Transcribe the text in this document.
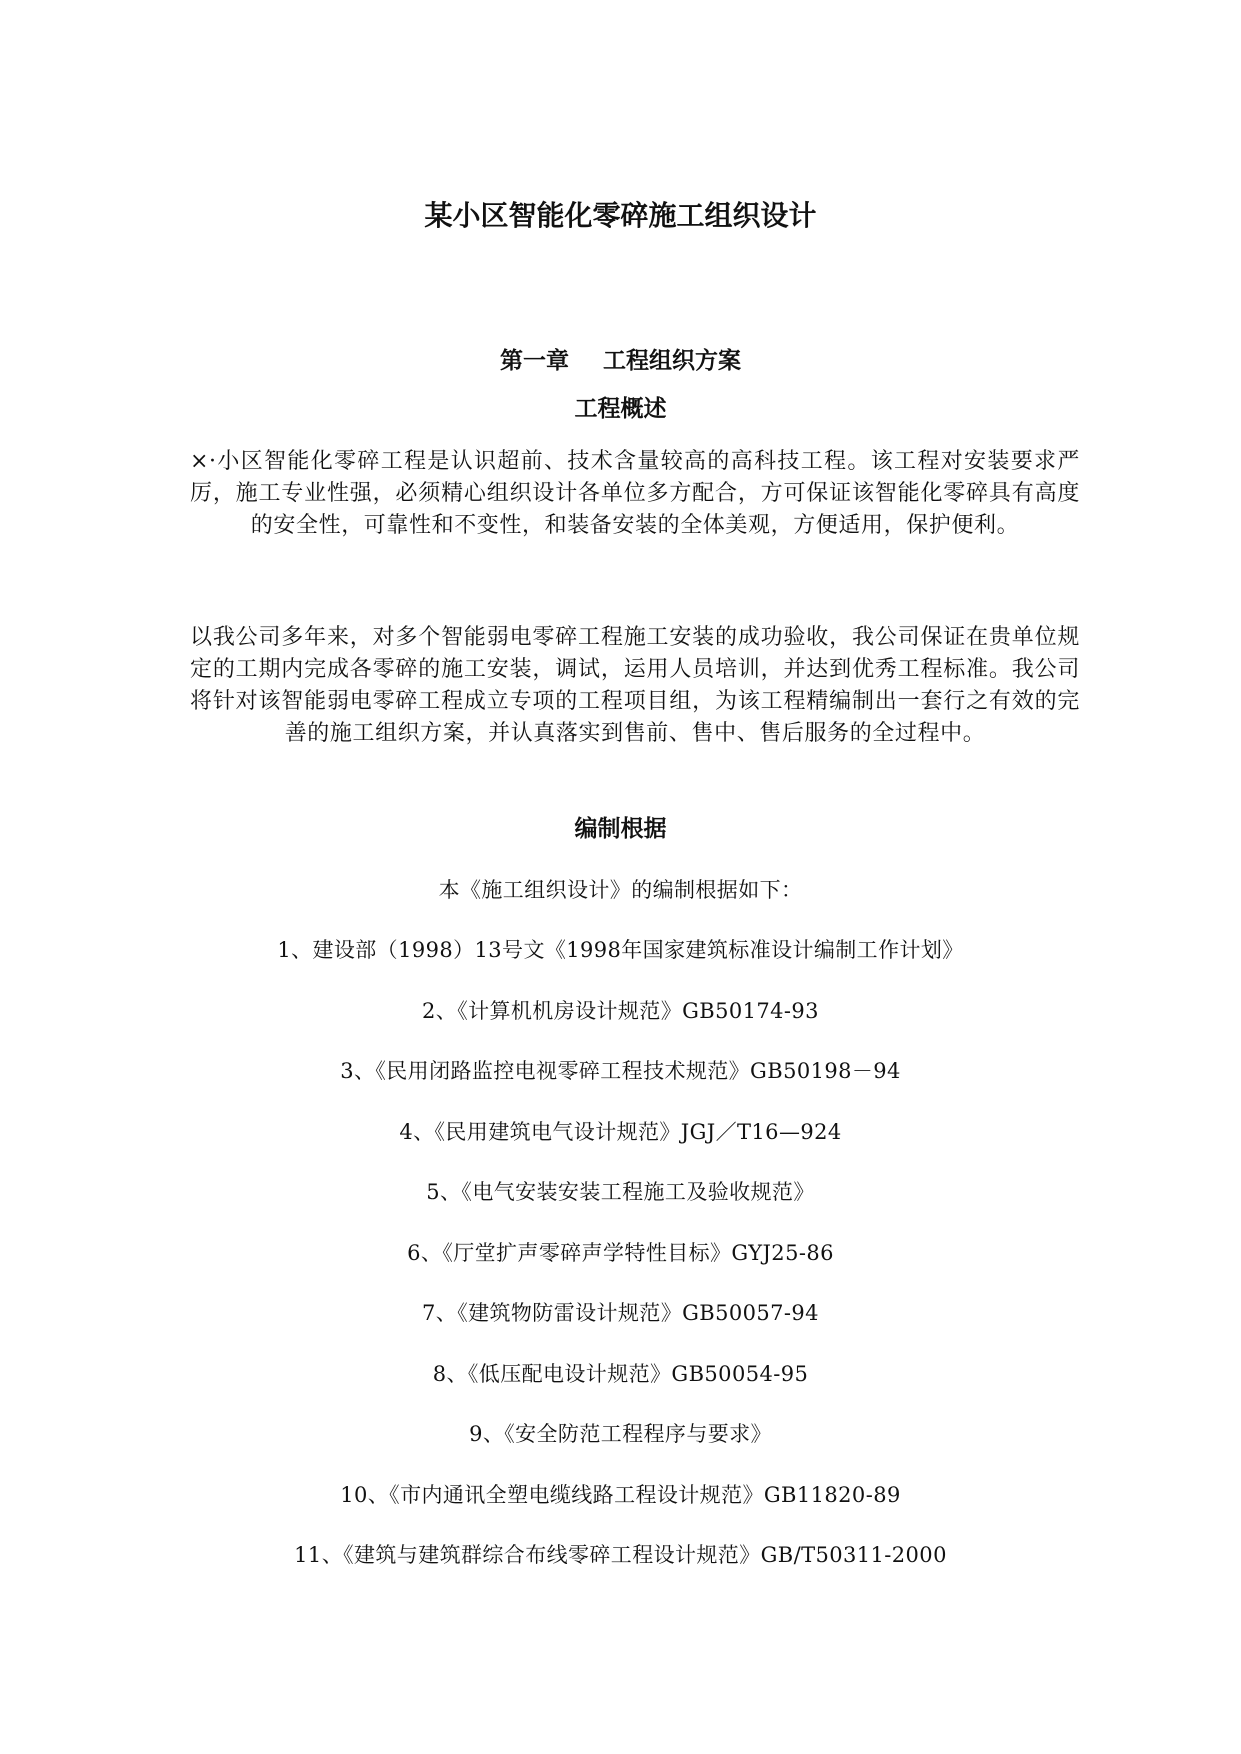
某小区智能化零碎施工组织设计
第一章 工程组织方案
工程概述
×·小区智能化零碎工程是认识超前、技术含量较高的高科技工程。该工程对安装要求严厉，施工专业性强，必须精心组织设计各单位多方配合，方可保证该智能化零碎具有高度的安全性，可靠性和不变性，和装备安装的全体美观，方便适用，保护便利。
以我公司多年来，对多个智能弱电零碎工程施工安装的成功验收，我公司保证在贵单位规定的工期内完成各零碎的施工安装，调试，运用人员培训，并达到优秀工程标准。我公司将针对该智能弱电零碎工程成立专项的工程项目组，为该工程精编制出一套行之有效的完善的施工组织方案，并认真落实到售前、售中、售后服务的全过程中。
编制根据
本《施工组织设计》的编制根据如下：
1、建设部（1998）13号文《1998年国家建筑标准设计编制工作计划》
2、《计算机机房设计规范》GB50174-93
3、《民用闭路监控电视零碎工程技术规范》GB50198－94
4、《民用建筑电气设计规范》JGJ／T16—924
5、《电气安装安装工程施工及验收规范》
6、《厅堂扩声零碎声学特性目标》GYJ25-86
7、《建筑物防雷设计规范》GB50057-94
8、《低压配电设计规范》GB50054-95
9、《安全防范工程程序与要求》
10、《市内通讯全塑电缆线路工程设计规范》GB11820-89
11、《建筑与建筑群综合布线零碎工程设计规范》GB/T50311-2000
